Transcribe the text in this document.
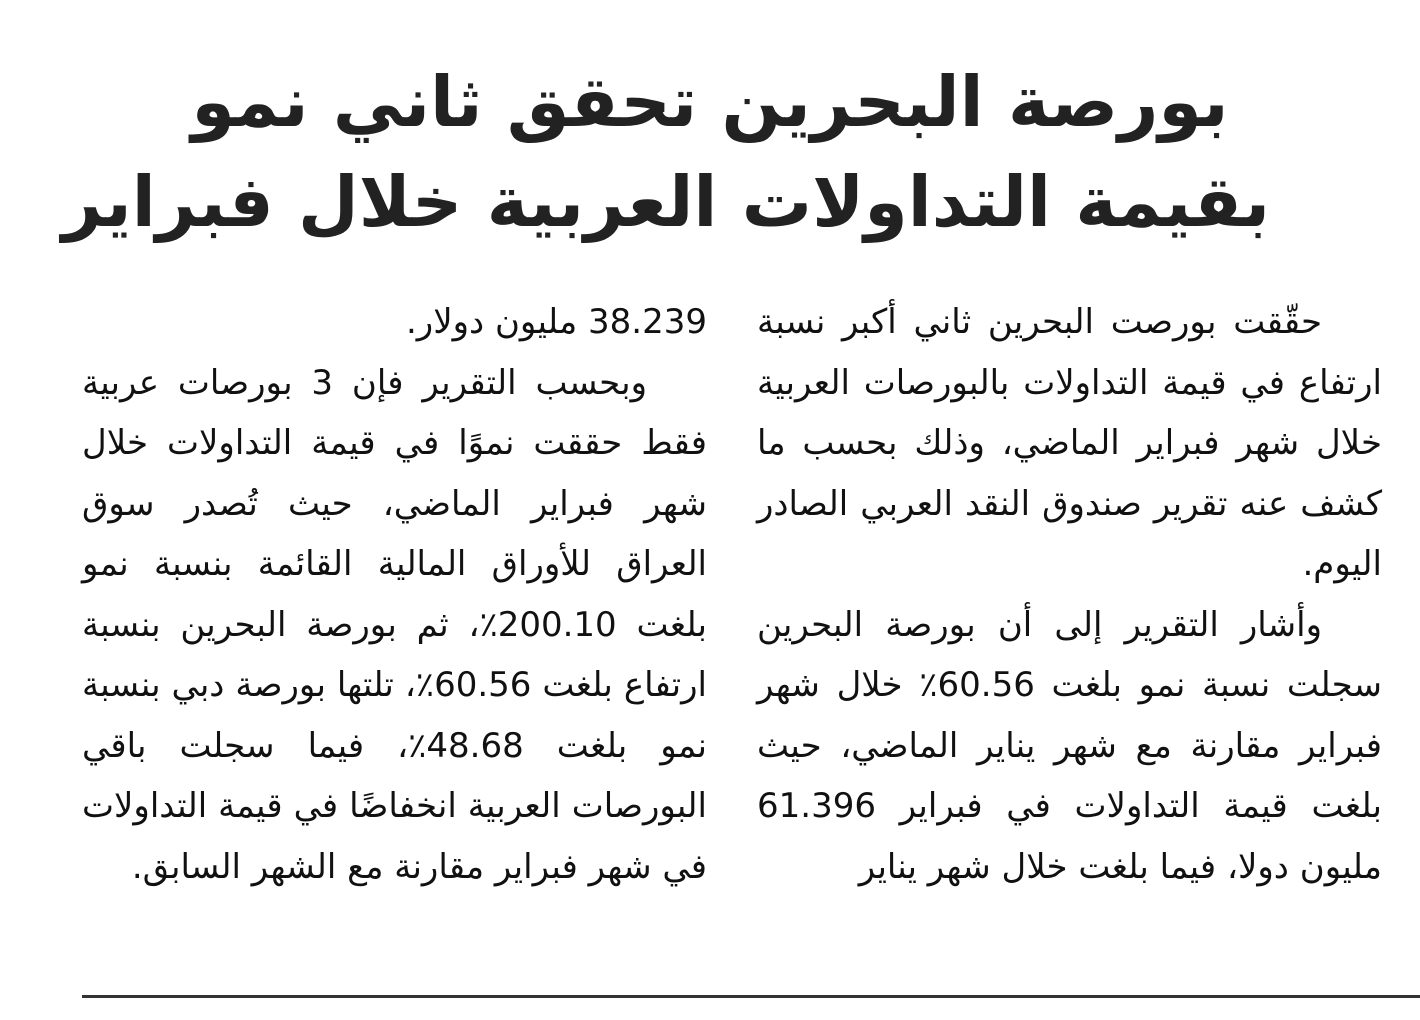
بورصة البحرين تحقق ثاني نمو
بقيمة التداولات العربية خلال فبراير

حقّقت بورصت البحرين ثاني أكبر نسبة ارتفاع في قيمة التداولات بالبورصات العربية خلال شهر فبراير الماضي، وذلك بحسب ما كشف عنه تقرير صندوق النقد العربي الصادر اليوم.

وأشار التقرير إلى أن بورصة البحرين سجلت نسبة نمو بلغت 60.56٪ خلال شهر فبراير مقارنة مع شهر يناير الماضي، حيث بلغت قيمة التداولات في فبراير 61.396 مليون دولا، فيما بلغت خلال شهر يناير

38.239 مليون دولار.

وبحسب التقرير فإن 3 بورصات عربية فقط حققت نموًا في قيمة التداولات خلال شهر فبراير الماضي، حيث تُصدر سوق العراق للأوراق المالية القائمة بنسبة نمو بلغت 200.10٪، ثم بورصة البحرين بنسبة ارتفاع بلغت 60.56٪، تلتها بورصة دبي بنسبة نمو بلغت 48.68٪، فيما سجلت باقي البورصات العربية انخفاضًا في قيمة التداولات في شهر فبراير مقارنة مع الشهر السابق.
